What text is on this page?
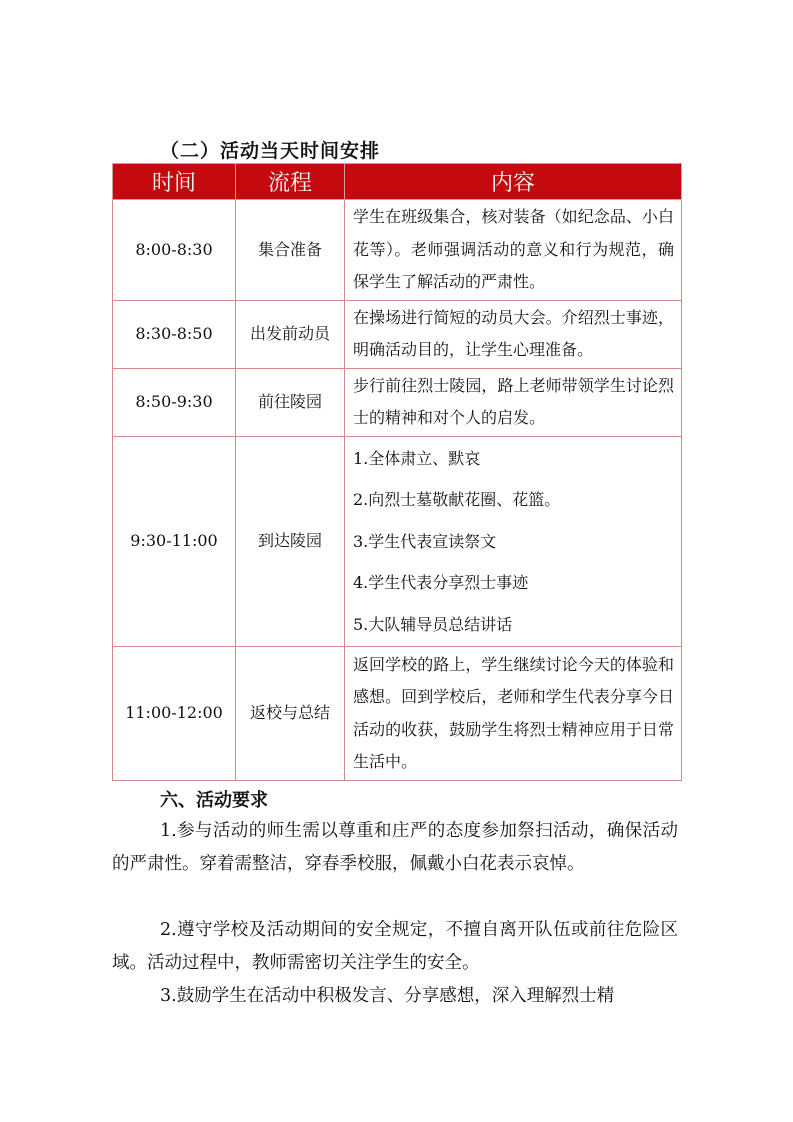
（二）活动当天时间安排
时间	流程	内容
8:00-8:30	集合准备	学生在班级集合，核对装备（如纪念品、小白花等）。老师强调活动的意义和行为规范，确保学生了解活动的严肃性。
8:30-8:50	出发前动员	在操场进行简短的动员大会。介绍烈士事迹，明确活动目的，让学生心理准备。
8:50-9:30	前往陵园	步行前往烈士陵园，路上老师带领学生讨论烈士的精神和对个人的启发。
9:30-11:00	到达陵园	1.全体肃立、默哀
2.向烈士墓敬献花圈、花篮。
3.学生代表宣读祭文
4.学生代表分享烈士事迹
5.大队辅导员总结讲话

11:00-12:00	返校与总结	返回学校的路上，学生继续讨论今天的体验和感想。回到学校后，老师和学生代表分享今日活动的收获，鼓励学生将烈士精神应用于日常生活中。
六、活动要求

1.参与活动的师生需以尊重和庄严的态度参加祭扫活动，确保活动的严肃性。穿着需整洁，穿春季校服，佩戴小白花表示哀悼。

2.遵守学校及活动期间的安全规定，不擅自离开队伍或前往危险区域。活动过程中，教师需密切关注学生的安全。

3.鼓励学生在活动中积极发言、分享感想，深入理解烈士精
